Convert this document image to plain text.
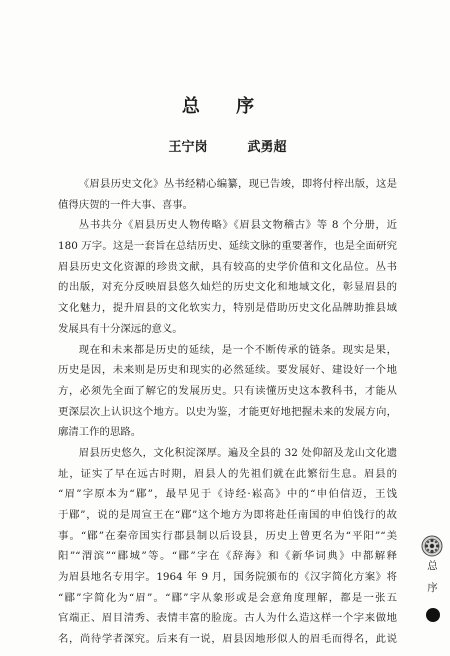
总 序
王宁岗	武勇超
《眉县历史文化》丛书经精心编纂，现已告竣，即将付梓出版，这是
值得庆贺的一件大事、喜事。
丛书共分《眉县历史人物传略》《眉县文物稽古》等 8 个分册，近
180 万字。这是一套旨在总结历史、延续文脉的重要著作，也是全面研究
眉县历史文化资源的珍贵文献，具有较高的史学价值和文化品位。丛书
的出版，对充分反映眉县悠久灿烂的历史文化和地域文化，彰显眉县的
文化魅力，提升眉县的文化软实力，特别是借助历史文化品牌助推县域
发展具有十分深远的意义。
现在和未来都是历史的延续，是一个不断传承的链条。现实是果，
历史是因，未来则是历史和现实的必然延续。要发展好、建设好一个地
方，必须先全面了解它的发展历史。只有读懂历史这本教科书，才能从
更深层次上认识这个地方。以史为鉴，才能更好地把握未来的发展方向，
廓清工作的思路。
眉县历史悠久，文化积淀深厚。遍及全县的 32 处仰韶及龙山文化遗
址，证实了早在远古时期，眉县人的先祖们就在此繁衍生息。眉县的
“眉”字原本为“郿”，最早见于《诗经·崧高》中的“申伯信迈，王饯
于郿”，说的是周宣王在“郿”这个地方为即将赴任南国的申伯饯行的故
事。“郿”在秦帝国实行郡县制以后设县，历史上曾更名为“平阳”“美
阳”“渭滨”“郿城”等。“郿”字在《辞海》和《新华词典》中都解释
为眉县地名专用字。1964 年 9 月，国务院颁布的《汉字简化方案》将
“郿”字简化为“眉”。“郿”字从象形或是会意角度理解，都是一张五
官端正、眉目清秀、表情丰富的脸庞。古人为什么造这样一个字来做地
名，尚待学者深究。后来有一说，眉县因地形似人的眉毛而得名，此说
总
序
